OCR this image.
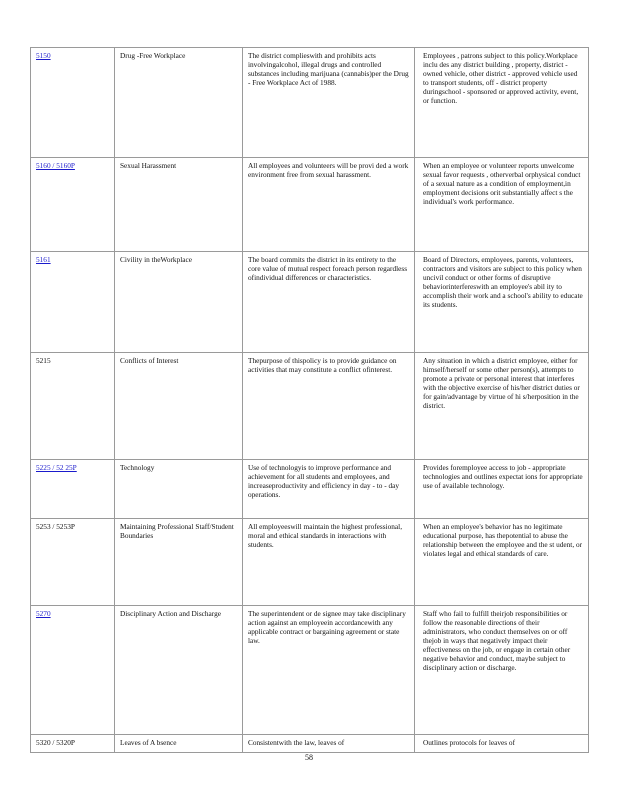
5150	Drug -Free Workplace	The district complieswith and prohibits acts involvingalcohol, illegal drugs and controlled substances including marijuana (cannabis)per the Drug - Free Workplace Act of 1988.	Employees , patrons subject to this policy.Workplace inclu des any district building , property, district - owned vehicle, other district - approved vehicle used to transport students, off - district property duringschool - sponsored or approved activity, event, or function.

5160 / 5160P	Sexual Harassment	All employees and volunteers will be provi ded a work environment free from sexual harassment.	When an employee or volunteer reports unwelcome sexual favor requests , otherverbal orphysical conduct of a sexual nature as a condition of employment,in employment decisions orit substantially affect s the individual's work performance.

5161	Civility in theWorkplace	The board commits the district in its entirety to the core value of mutual respect foreach person regardless ofindividual differences or characteristics.	Board of Directors, employees, parents, volunteers, contractors and visitors are subject to this policy when uncivil conduct or other forms of disruptive behaviorinterfereswith an employee's abil ity to accomplish their work and a school's ability to educate its students.

5215	Conflicts of Interest	Thepurpose of thispolicy is to provide guidance on activities that may constitute a conflict ofinterest.	Any situation in which a district employee, either for himself/herself or some other person(s), attempts to promote a private or personal interest that interferes with the objective exercise of his/her district duties or for gain/advantage by virtue of hi s/herposition in the district.

5225 / 52 25P	Technology	Use of technologyis to improve performance and achievement for all students and employees, and increaseproductivity and efficiency in day - to - day operations.	Provides foremployee access to job - appropriate technologies and outlines expectat ions for appropriate use of available technology.

5253 / 5253P	Maintaining Professional Staff/Student Boundaries	All employeeswill maintain the highest professional, moral and ethical standards in interactions with students.	When an employee's behavior has no legitimate educational purpose, has thepotential to abuse the relationship between the employee and the st udent, or violates legal and ethical standards of care.

5270	Disciplinary Action and Discharge	The superintendent or de signee may take disciplinary action against an employeein accordancewith any applicable contract or bargaining agreement or state law.	Staff who fail to fulfill theirjob responsibilities or follow the reasonable directions of their administrators, who conduct themselves on or off thejob in ways that negatively impact their effectiveness on the job, or engage in certain other negative behavior and conduct, maybe subject to disciplinary action or discharge.

5320 / 5320P	Leaves of A bsence	Consistentwith the law, leaves of	Outlines protocols for leaves of
58
